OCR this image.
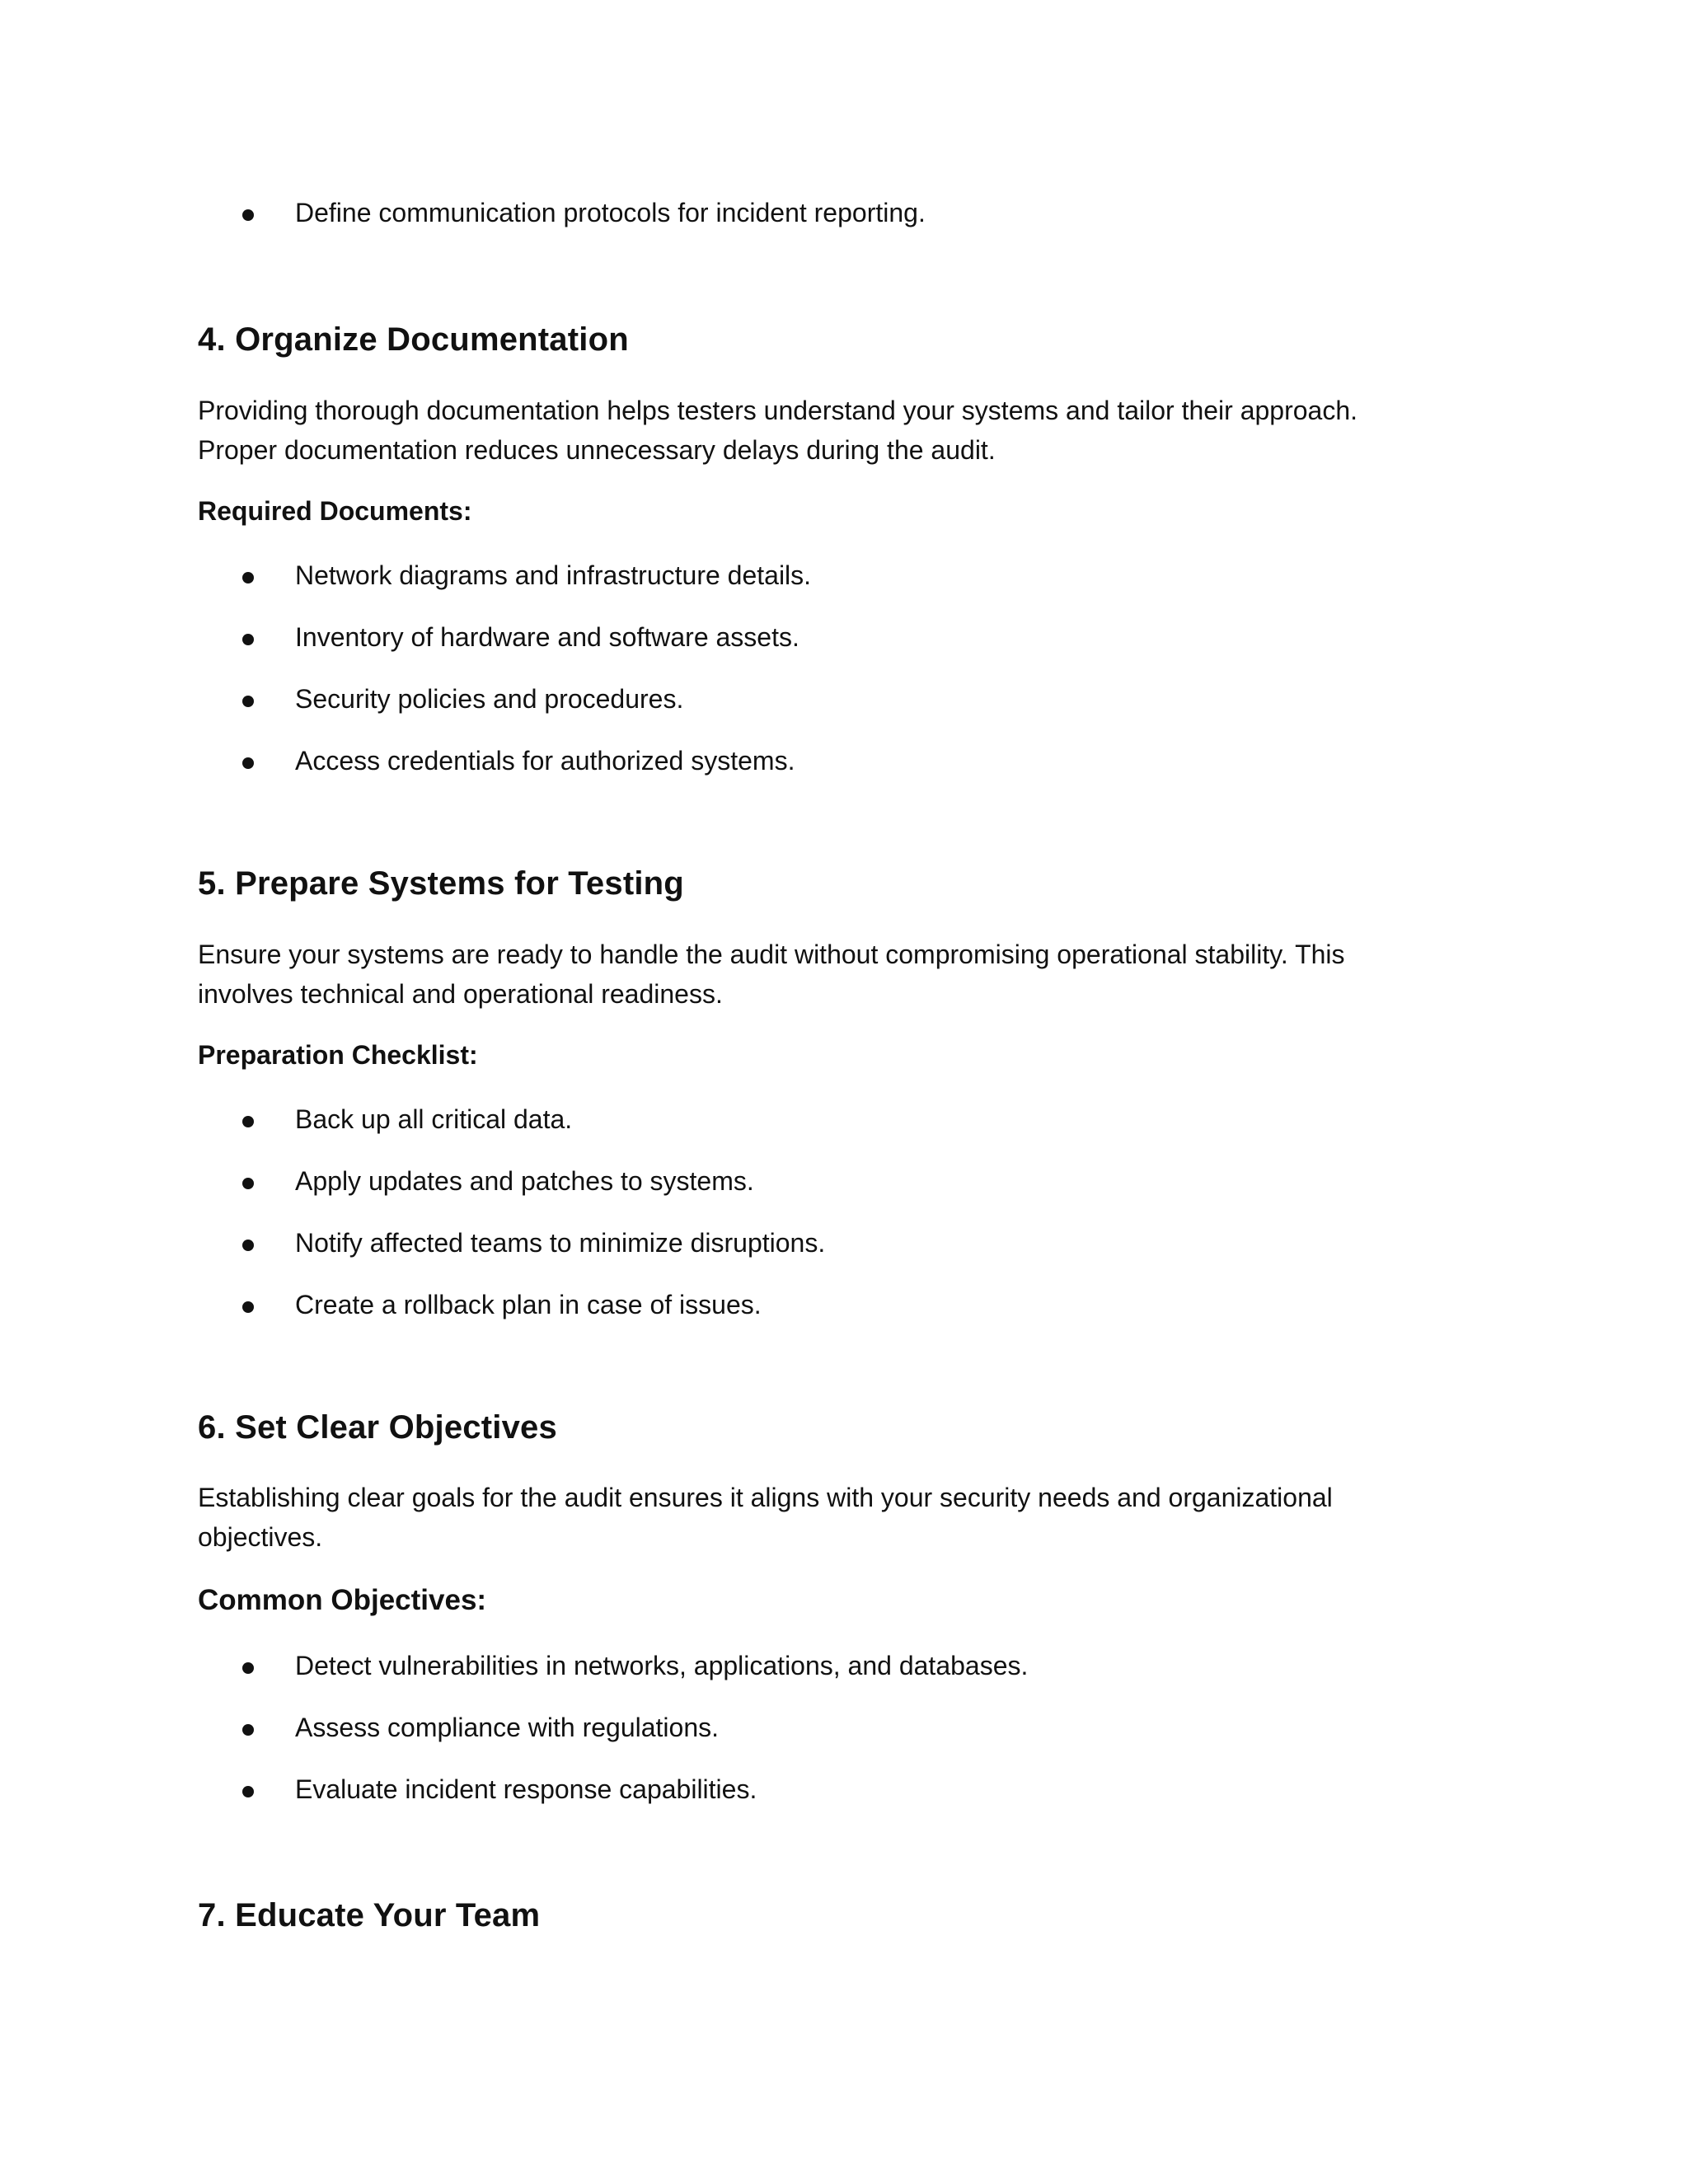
Define communication protocols for incident reporting.
4. Organize Documentation
Providing thorough documentation helps testers understand your systems and tailor their approach.
Proper documentation reduces unnecessary delays during the audit.
Required Documents:
Network diagrams and infrastructure details.
Inventory of hardware and software assets.
Security policies and procedures.
Access credentials for authorized systems.
5. Prepare Systems for Testing
Ensure your systems are ready to handle the audit without compromising operational stability. This
involves technical and operational readiness.
Preparation Checklist:
Back up all critical data.
Apply updates and patches to systems.
Notify affected teams to minimize disruptions.
Create a rollback plan in case of issues.
6. Set Clear Objectives
Establishing clear goals for the audit ensures it aligns with your security needs and organizational
objectives.
Common Objectives:
Detect vulnerabilities in networks, applications, and databases.
Assess compliance with regulations.
Evaluate incident response capabilities.
7. Educate Your Team
